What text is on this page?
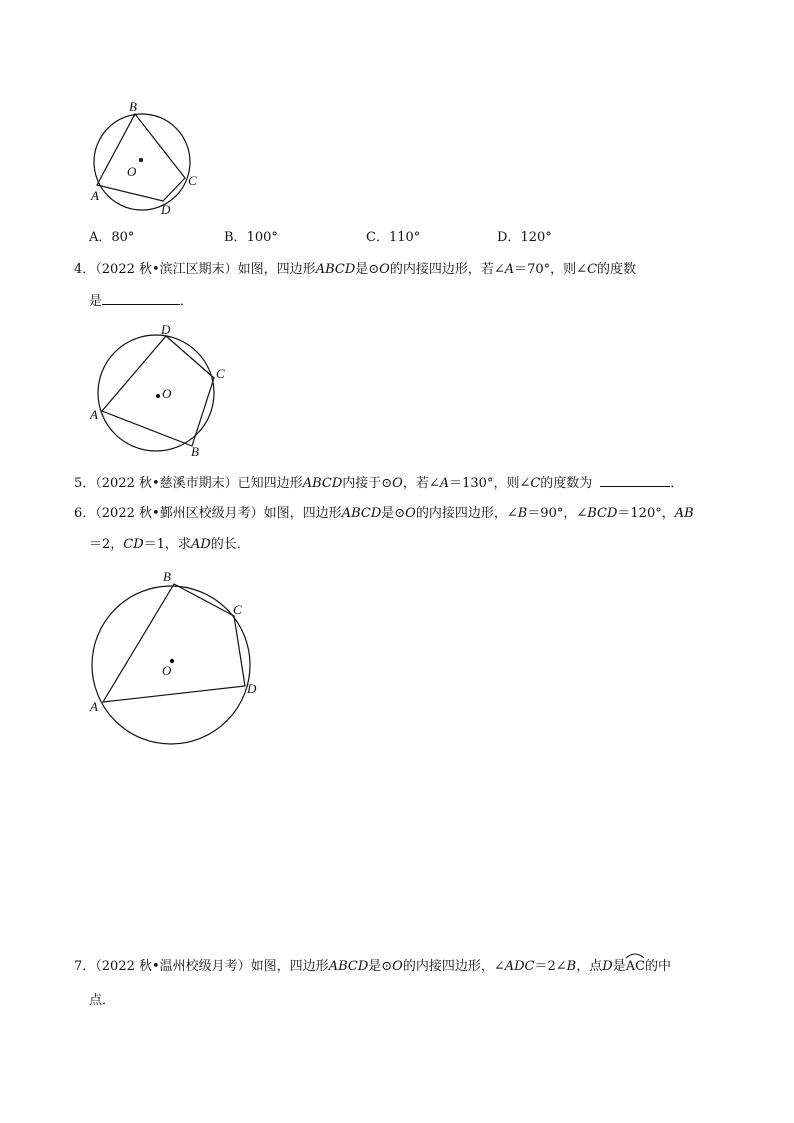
B
O
C
A
D
A．80°	B．100°	C．110°	D．120°
4．（2022 秋•滨江区期末）如图，四边形ABCD是⊙O的内接四边形，若∠A＝70°，则∠C的度数
是	．
D
C
O
A
B
5．（2022 秋•慈溪市期末）已知四边形ABCD内接于⊙O，若∠A＝130°，则∠C的度数为	．
6．（2022 秋•鄞州区校级月考）如图，四边形ABCD是⊙O的内接四边形，∠B＝90°，∠BCD＝120°，AB
＝2，CD＝1，求AD的长．
B
C
O
D
A
7．（2022 秋•温州校级月考）如图，四边形ABCD是⊙O的内接四边形，∠ADC＝2∠B，点D是
AC的中
点．
